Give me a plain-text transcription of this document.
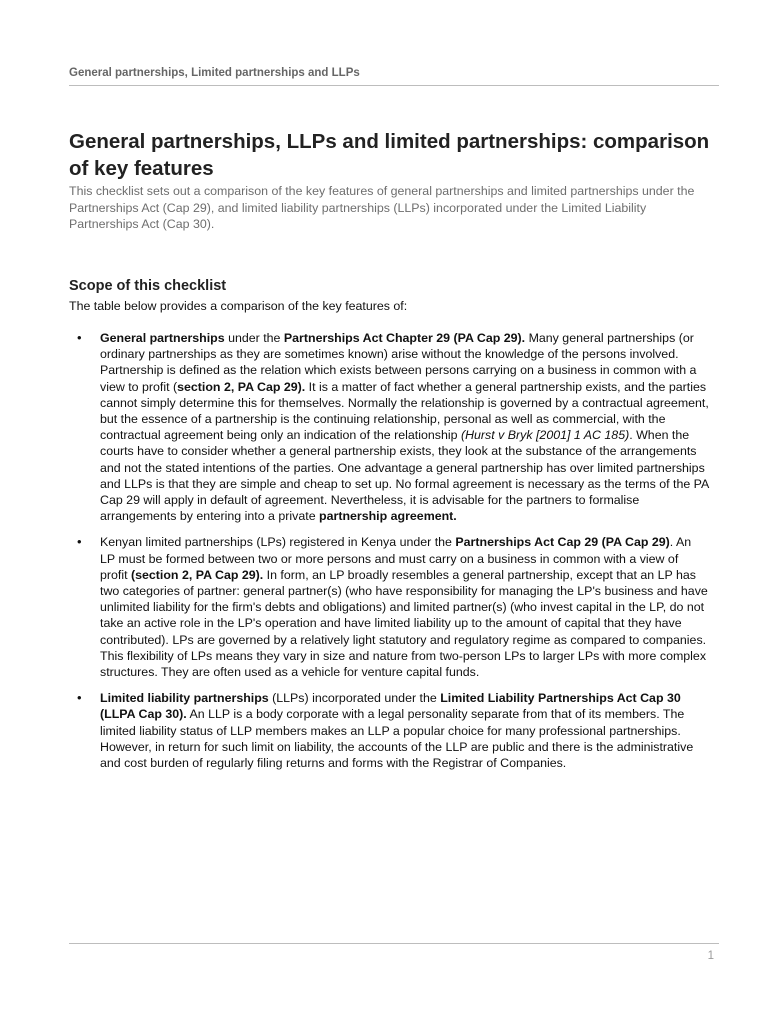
General partnerships, Limited partnerships and LLPs
General partnerships, LLPs and limited partnerships: comparison of key features

This checklist sets out a comparison of the key features of general partnerships and limited partnerships under the Partnerships Act (Cap 29), and limited liability partnerships (LLPs) incorporated under the Limited Liability Partnerships Act (Cap 30).

Scope of this checklist

The table below provides a comparison of the key features of:

• General partnerships under the Partnerships Act Chapter 29 (PA Cap 29). Many general partnerships (or ordinary partnerships as they are sometimes known) arise without the knowledge of the persons involved. Partnership is defined as the relation which exists between persons carrying on a business in common with a view to profit (section 2, PA Cap 29). It is a matter of fact whether a general partnership exists, and the parties cannot simply determine this for themselves. Normally the relationship is governed by a contractual agreement, but the essence of a partnership is the continuing relationship, personal as well as commercial, with the contractual agreement being only an indication of the relationship (Hurst v Bryk [2001] 1 AC 185). When the courts have to consider whether a general partnership exists, they look at the substance of the arrangements and not the stated intentions of the parties. One advantage a general partnership has over limited partnerships and LLPs is that they are simple and cheap to set up. No formal agreement is necessary as the terms of the PA Cap 29 will apply in default of agreement. Nevertheless, it is advisable for the partners to formalise arrangements by entering into a private partnership agreement.
• Kenyan limited partnerships (LPs) registered in Kenya under the Partnerships Act Cap 29 (PA Cap 29). An LP must be formed between two or more persons and must carry on a business in common with a view of profit (section 2, PA Cap 29). In form, an LP broadly resembles a general partnership, except that an LP has two categories of partner: general partner(s) (who have responsibility for managing the LP's business and have unlimited liability for the firm's debts and obligations) and limited partner(s) (who invest capital in the LP, do not take an active role in the LP's operation and have limited liability up to the amount of capital that they have contributed). LPs are governed by a relatively light statutory and regulatory regime as compared to companies. This flexibility of LPs means they vary in size and nature from two-person LPs to larger LPs with more complex structures. They are often used as a vehicle for venture capital funds.
• Limited liability partnerships (LLPs) incorporated under the Limited Liability Partnerships Act Cap 30 (LLPA Cap 30). An LLP is a body corporate with a legal personality separate from that of its members. The limited liability status of LLP members makes an LLP a popular choice for many professional partnerships. However, in return for such limit on liability, the accounts of the LLP are public and there is the administrative and cost burden of regularly filing returns and forms with the Registrar of Companies.
1
